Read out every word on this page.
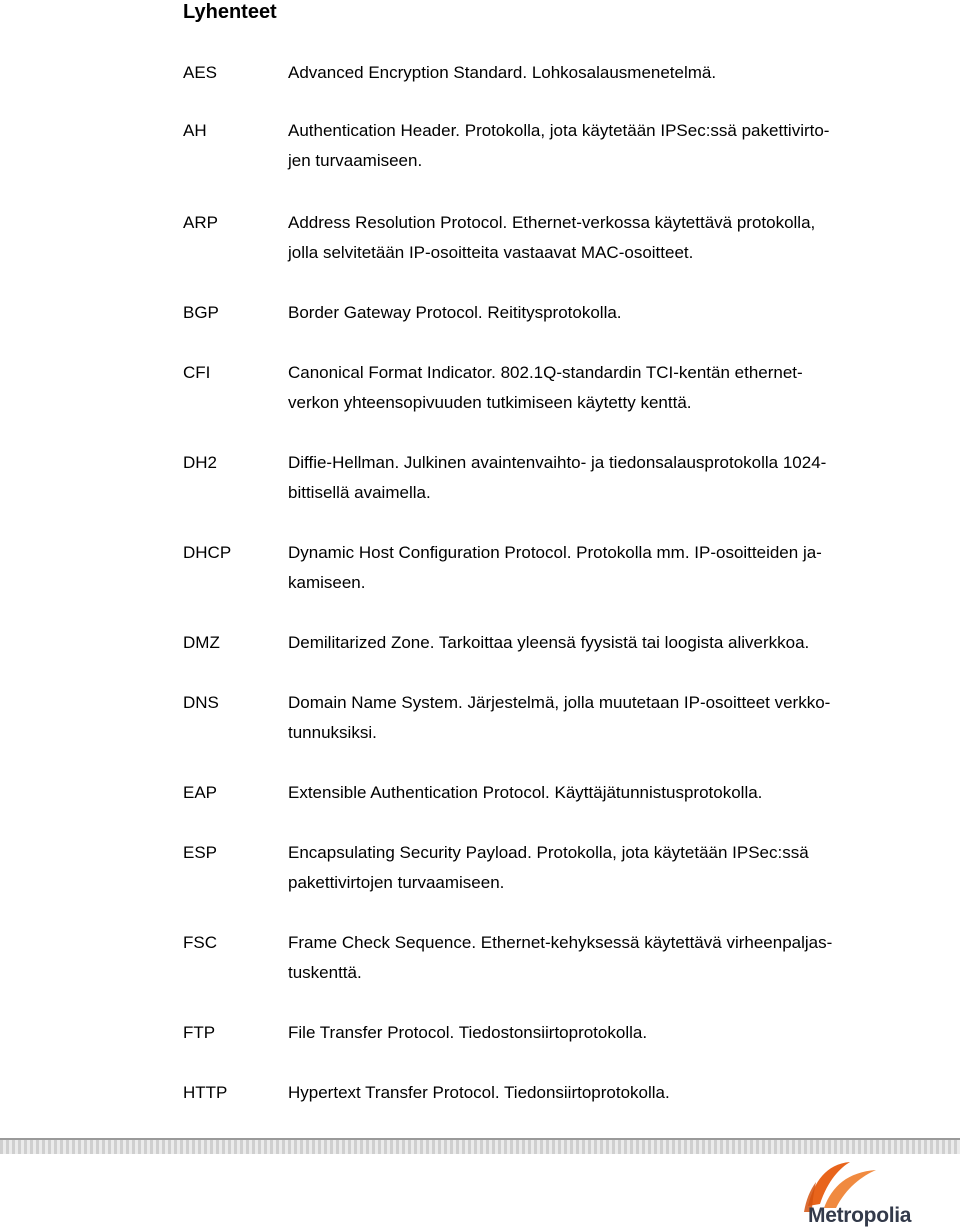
Lyhenteet
AES	Advanced Encryption Standard. Lohkosalausmenetelmä.
AH	Authentication Header. Protokolla, jota käytetään IPSec:ssä pakettivirto-
jen turvaamiseen.
ARP	Address Resolution Protocol. Ethernet-verkossa käytettävä protokolla,
jolla selvitetään IP-osoitteita vastaavat MAC-osoitteet.
BGP	Border Gateway Protocol. Reititysprotokolla.
CFI	Canonical Format Indicator. 802.1Q-standardin TCI-kentän ethernet-
verkon yhteensopivuuden tutkimiseen käytetty kenttä.
DH2	Diffie-Hellman. Julkinen avaintenvaihto- ja tiedonsalausprotokolla 1024-
bittisellä avaimella.
DHCP	Dynamic Host Configuration Protocol. Protokolla mm. IP-osoitteiden ja-
kamiseen.
DMZ	Demilitarized Zone. Tarkoittaa yleensä fyysistä tai loogista aliverkkoa.
DNS	Domain Name System. Järjestelmä, jolla muutetaan IP-osoitteet verkko-
tunnuksiksi.
EAP	Extensible Authentication Protocol. Käyttäjätunnistusprotokolla.
ESP	Encapsulating Security Payload. Protokolla, jota käytetään IPSec:ssä
pakettivirtojen turvaamiseen.
FSC	Frame Check Sequence. Ethernet-kehyksessä käytettävä virheenpaljas-
tuskenttä.
FTP	File Transfer Protocol. Tiedostonsiirtoprotokolla.
HTTP	Hypertext Transfer Protocol. Tiedonsiirtoprotokolla.
Metropolia
